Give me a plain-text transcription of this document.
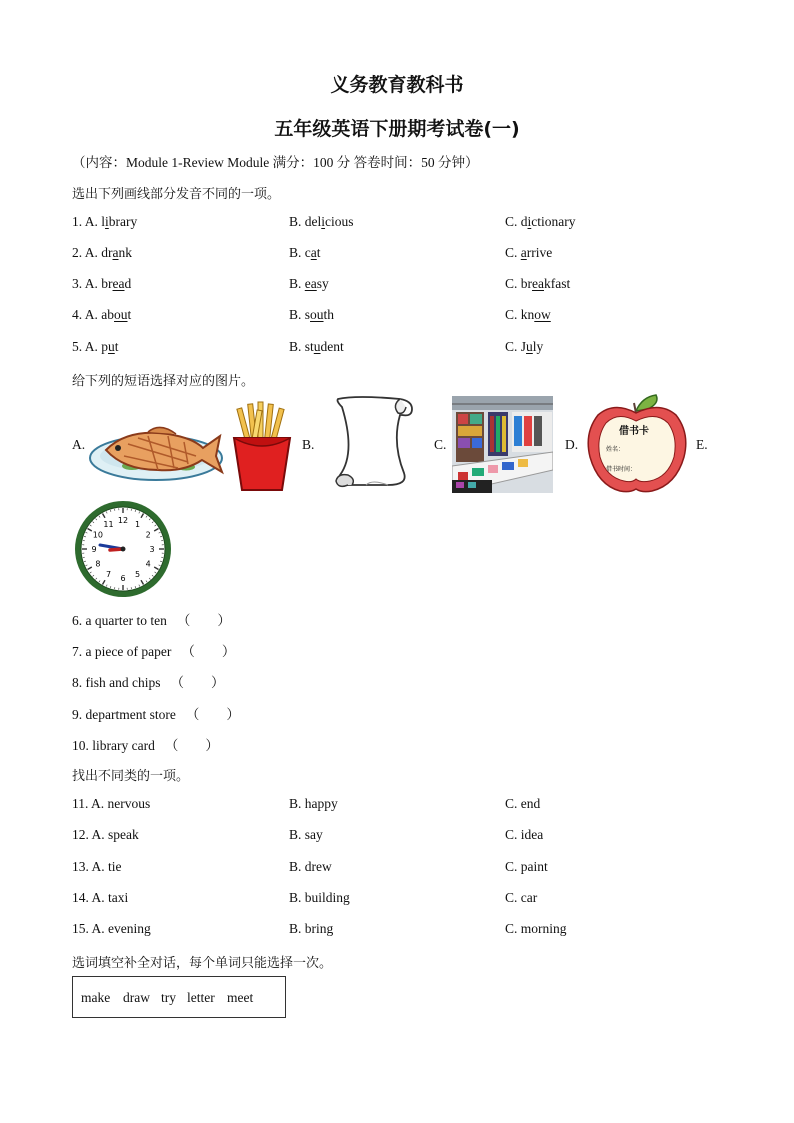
义务教育教科书
五年级英语下册期考试卷(一)
（内容：Module 1-Review Module 满分：100 分 答卷时间：50 分钟）
选出下列画线部分发音不同的一项。
1. A. library	B. delicious	C. dictionary
2. A. drank	B. cat	C. arrive
3. A. bread	B. easy	C. breakfast
4. A. about	B. south	C. know
5. A. put	B. student	C. July
给下列的短语选择对应的图片。
A.	B.	C.	D.	E.
借书卡
姓名：
借书时间：
12 1
2
3
4
5
6
7
8
9
10
11
6. a quarter to ten （　　）
7. a piece of paper （　　）
8. fish and chips （　　）
9. department store （　　）
10. library card （　　）
找出不同类的一项。
11. A. nervous	B. happy	C. end
12. A. speak	B. say	C. idea
13. A. tie	B. drew	C. paint
14. A. taxi	B. building	C. car
15. A. evening	B. bring	C. morning
选词填空补全对话，每个单词只能选择一次。
make draw try letter meet
